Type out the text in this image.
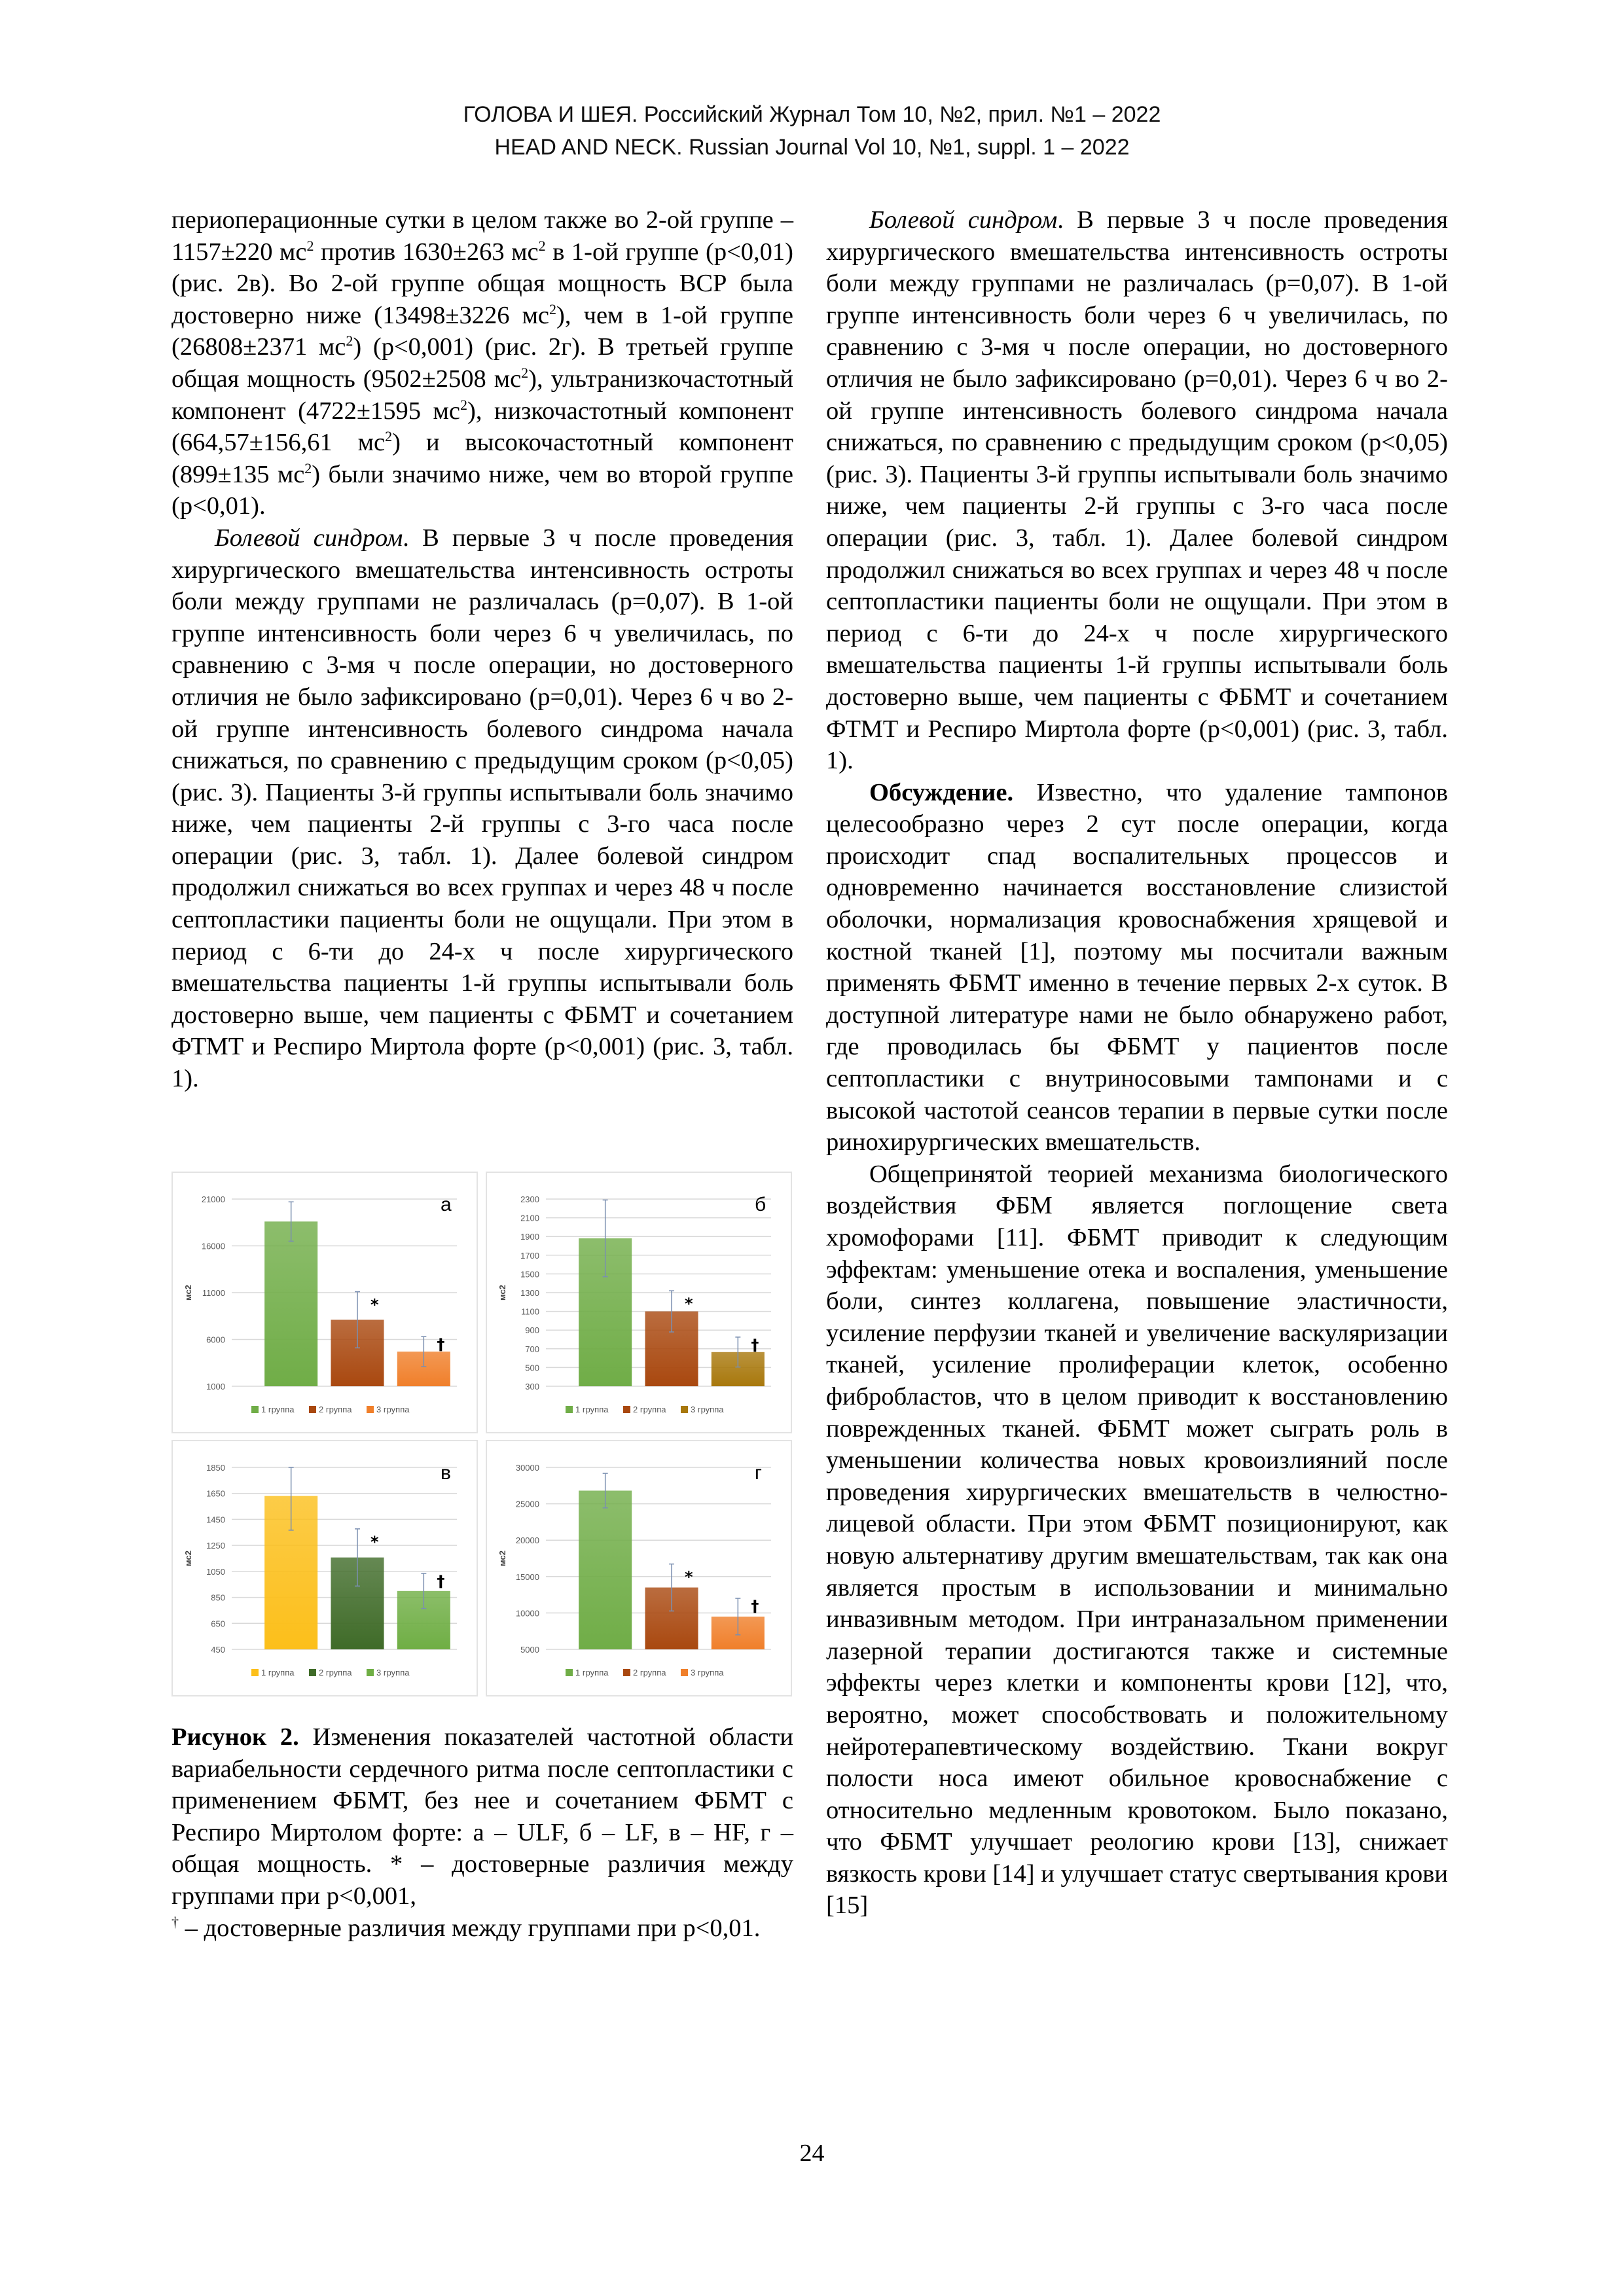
ГОЛОВА И ШЕЯ. Российский Журнал Том 10, №2, прил. №1 – 2022
HEAD AND NECK. Russian Journal Vol 10, №1, suppl. 1 – 2022

периоперационные сутки в целом также во 2-ой группе – 1157±220 $мс^2$ против 1630±263 $мс^2$ в 1-ой группе (р<0,01) (рис. 2в). Во 2-ой группе общая мощность ВСР была достоверно ниже (13498±3226 $мс^2$), чем в 1-ой группе (26808±2371 $мс^2$) (p<0,001) (рис. 2г). В третьей группе общая мощность (9502±2508 $мс^2$), ультранизкочастотный компонент (4722±1595 $мс^2$), низкочастотный компонент (664,57±156,61 $мс^2$) и высокочастотный компонент (899±135 $мс^2$) были значимо ниже, чем во второй группе (р<0,01).

Болевой синдром. В первые 3 ч после проведения хирургического вмешательства интенсивность остроты боли между группами не различалась (р=0,07). В 1-ой группе интенсивность боли через 6 ч увеличилась, по сравнению с 3-мя ч после операции, но достоверного отличия не было зафиксировано (р=0,01). Через 6 ч во 2-ой группе интенсивность болевого синдрома начала снижаться, по сравнению с предыдущим сроком (р<0,05) (рис. 3). Пациенты 3-й группы испытывали боль значимо ниже, чем пациенты 2-й группы с 3-го часа после операции (рис. 3, табл. 1). Далее болевой синдром продолжил снижаться во всех группах и через 48 ч после септопластики пациенты боли не ощущали. При этом в период с 6-ти до 24-х ч после хирургического вмешательства пациенты 1-й группы испытывали боль достоверно выше, чем пациенты с ФБМТ и сочетанием ФТМТ и Респиро Миртола форте (р<0,001) (рис. 3, табл. 1).

1000
6000
11000
16000
21000
мс2
а
*
†
1 группа	2 группа	3 группа
300
500
700
900
1100
1300
1500
1700
1900
2100
2300
мс2
б
*
†
1 группа	2 группа	3 группа
450
650
850
1050
1250
1450
1650
1850
мс2
в
*
†
1 группа	2 группа	3 группа
5000
10000
15000
20000
25000
30000
мс2
г
*
†
1 группа	2 группа	3 группа
Рисунок 2. Изменения показателей частотной области вариабельности сердечного ритма после септопластики с применением ФБМТ, без нее и сочетанием ФБМТ с Респиро Миртолом форте: а – ULF, б – LF, в – HF, г – общая мощность. * – достоверные различия между группами при p<0,001,
† – достоверные различия между группами при p<0,01.

Болевой синдром. В первые 3 ч после проведения хирургического вмешательства интенсивность остроты боли между группами не различалась (р=0,07). В 1-ой группе интенсивность боли через 6 ч увеличилась, по сравнению с 3-мя ч после операции, но достоверного отличия не было зафиксировано (р=0,01). Через 6 ч во 2-ой группе интенсивность болевого синдрома начала снижаться, по сравнению с предыдущим сроком (р<0,05) (рис. 3). Пациенты 3-й группы испытывали боль значимо ниже, чем пациенты 2-й группы с 3-го часа после операции (рис. 3, табл. 1). Далее болевой синдром продолжил снижаться во всех группах и через 48 ч после септопластики пациенты боли не ощущали. При этом в период с 6-ти до 24-х ч после хирургического вмешательства пациенты 1-й группы испытывали боль достоверно выше, чем пациенты с ФБМТ и сочетанием ФТМТ и Респиро Миртола форте (р<0,001) (рис. 3, табл. 1).

Обсуждение. Известно, что удаление тампонов целесообразно через 2 сут после операции, когда происходит спад воспалительных процессов и одновременно начинается восстановление слизистой оболочки, нормализация кровоснабжения хрящевой и костной тканей [1], поэтому мы посчитали важным применять ФБМТ именно в течение первых 2-х суток. В доступной литературе нами не было обнаружено работ, где проводилась бы ФБМТ у пациентов после септопластики с внутриносовыми тампонами и с высокой частотой сеансов терапии в первые сутки после ринохирургических вмешательств.

Общепринятой теорией механизма биологического воздействия ФБМ является поглощение света хромофорами [11]. ФБМТ приводит к следующим эффектам: уменьшение отека и воспаления, уменьшение боли, синтез коллагена, повышение эластичности, усиление перфузии тканей и увеличение васкуляризации тканей, усиление пролиферации клеток, особенно фибробластов, что в целом приводит к восстановлению поврежденных тканей. ФБМТ может сыграть роль в уменьшении количества новых кровоизлияний после проведения хирургических вмешательств в челюстно-лицевой области. При этом ФБМТ позиционируют, как новую альтернативу другим вмешательствам, так как она является простым в использовании и минимально инвазивным методом. При интраназальном применении лазерной терапии достигаются также и системные эффекты через клетки и компоненты крови [12], что, вероятно, может способствовать и положительному нейротерапевтическому воздействию. Ткани вокруг полости носа имеют обильное кровоснабжение с относительно медленным кровотоком. Было показано, что ФБМТ улучшает реологию крови [13], снижает вязкость крови [14] и улучшает статус свертывания крови [15]

24
